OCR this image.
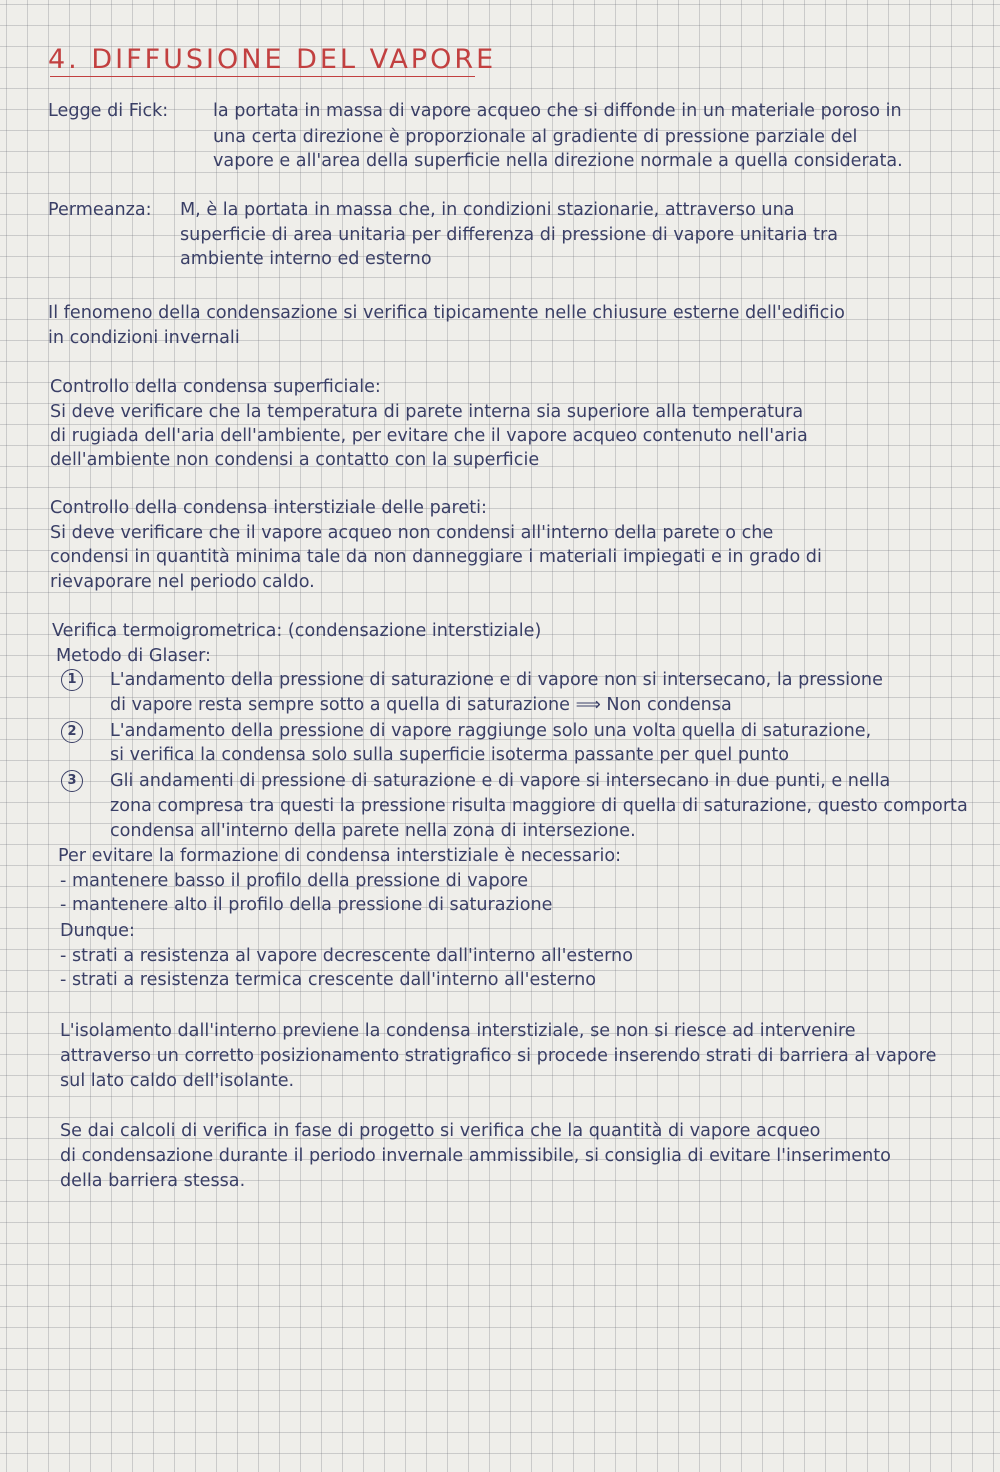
4. DIFFUSIONE DEL VAPORE
Legge di Fick:	la portata in massa di vapore acqueo che si diffonde in un materiale poroso in
una certa direzione è proporzionale al gradiente di pressione parziale del
vapore e all'area della superficie nella direzione normale a quella considerata.
Permeanza: M, è la portata in massa che, in condizioni stazionarie, attraverso una
superficie di area unitaria per differenza di pressione di vapore unitaria tra
ambiente interno ed esterno
Il fenomeno della condensazione si verifica tipicamente nelle chiusure esterne dell'edificio
in condizioni invernali
Controllo della condensa superficiale:
Si deve verificare che la temperatura di parete interna sia superiore alla temperatura
di rugiada dell'aria dell'ambiente, per evitare che il vapore acqueo contenuto nell'aria
dell'ambiente non condensi a contatto con la superficie
Controllo della condensa interstiziale delle pareti:
Si deve verificare che il vapore acqueo non condensi all'interno della parete o che
condensi in quantità minima tale da non danneggiare i materiali impiegati e in grado di
rievaporare nel periodo caldo.
Verifica termoigrometrica: (condensazione interstiziale)
Metodo di Glaser:
1	L'andamento della pressione di saturazione e di vapore non si intersecano, la pressione
di vapore resta sempre sotto a quella di saturazione ⟹ Non condensa
2	L'andamento della pressione di vapore raggiunge solo una volta quella di saturazione,
si verifica la condensa solo sulla superficie isoterma passante per quel punto
3	Gli andamenti di pressione di saturazione e di vapore si intersecano in due punti, e nella
zona compresa tra questi la pressione risulta maggiore di quella di saturazione, questo comporta
condensa all'interno della parete nella zona di intersezione.
Per evitare la formazione di condensa interstiziale è necessario:
- mantenere basso il profilo della pressione di vapore
- mantenere alto il profilo della pressione di saturazione
Dunque:
- strati a resistenza al vapore decrescente dall'interno all'esterno
- strati a resistenza termica crescente dall'interno all'esterno
L'isolamento dall'interno previene la condensa interstiziale, se non si riesce ad intervenire
attraverso un corretto posizionamento stratigrafico si procede inserendo strati di barriera al vapore
sul lato caldo dell'isolante.
Se dai calcoli di verifica in fase di progetto si verifica che la quantità di vapore acqueo
di condensazione durante il periodo invernale ammissibile, si consiglia di evitare l'inserimento
della barriera stessa.
